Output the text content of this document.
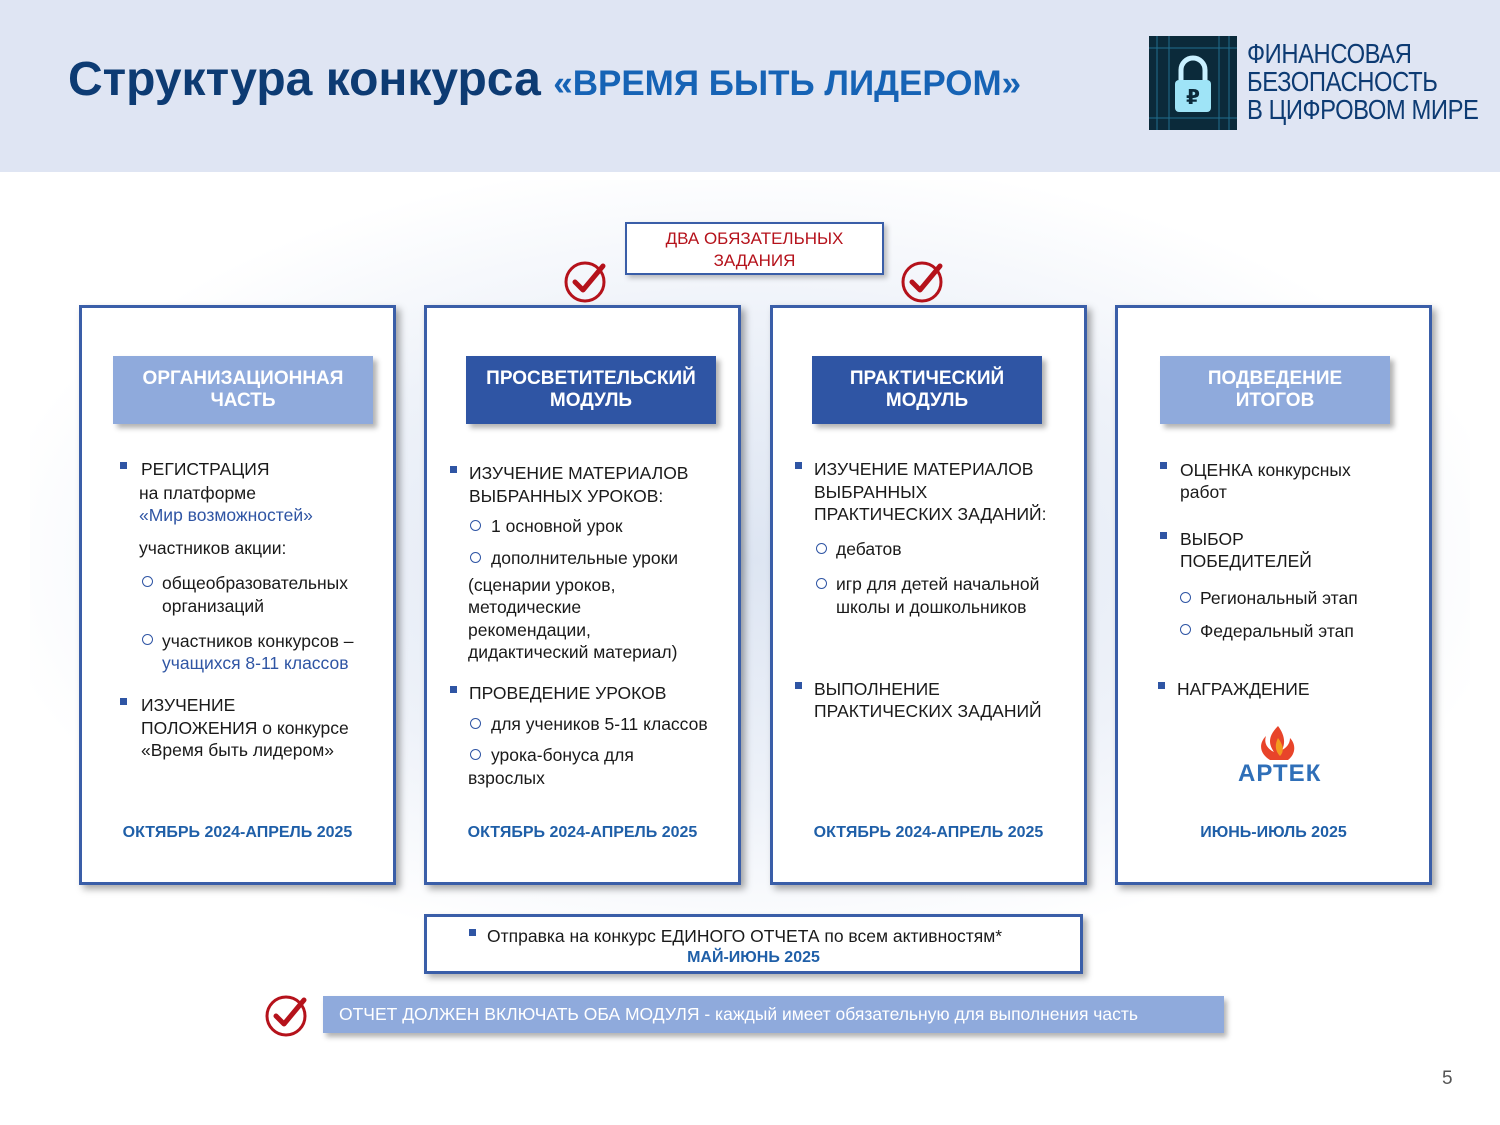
Структура конкурса «ВРЕМЯ БЫТЬ ЛИДЕРОМ»	₽
ФИНАНСОВАЯ
БЕЗОПАСНОСТЬ
В ЦИФРОВОМ МИРЕ
ДВА ОБЯЗАТЕЛЬНЫХ
ЗАДАНИЯ
ОРГАНИЗАЦИОННАЯ
ЧАСТЬ
ОКТЯБРЬ 2024-АПРЕЛЬ 2025
РЕГИСТРАЦИЯ
на платформе
«Мир возможностей»
участников акции:
общеобразовательных
организаций
участников конкурсов –
учащихся 8-11 классов
ИЗУЧЕНИЕ
ПОЛОЖЕНИЯ о конкурсе
«Время быть лидером»
ПРОСВЕТИТЕЛЬСКИЙ
МОДУЛЬ
ОКТЯБРЬ 2024-АПРЕЛЬ 2025
ИЗУЧЕНИЕ МАТЕРИАЛОВ
ВЫБРАННЫХ УРОКОВ:
1 основной урок
дополнительные уроки
(сценарии уроков,
методические
рекомендации,
дидактический материал)
ПРОВЕДЕНИЕ УРОКОВ
для учеников 5-11 классов
урока-бонуса для
взрослых
ПРАКТИЧЕСКИЙ
МОДУЛЬ
ОКТЯБРЬ 2024-АПРЕЛЬ 2025
ИЗУЧЕНИЕ МАТЕРИАЛОВ
ВЫБРАННЫХ
ПРАКТИЧЕСКИХ ЗАДАНИЙ:
дебатов
игр для детей начальной
школы и дошкольников
ВЫПОЛНЕНИЕ
ПРАКТИЧЕСКИХ ЗАДАНИЙ
ПОДВЕДЕНИЕ
ИТОГОВ
ИЮНЬ-ИЮЛЬ 2025
ОЦЕНКА конкурсных
работ
ВЫБОР
ПОБЕДИТЕЛЕЙ
Региональный этап
Федеральный этап
НАГРАЖДЕНИЕ
АРТЕК
Отправка на конкурс ЕДИНОГО ОТЧЕТА по всем активностям*
МАЙ-ИЮНЬ 2025
ОТЧЕТ ДОЛЖЕН ВКЛЮЧАТЬ ОБА МОДУЛЯ - каждый имеет обязательную для выполнения часть
5
